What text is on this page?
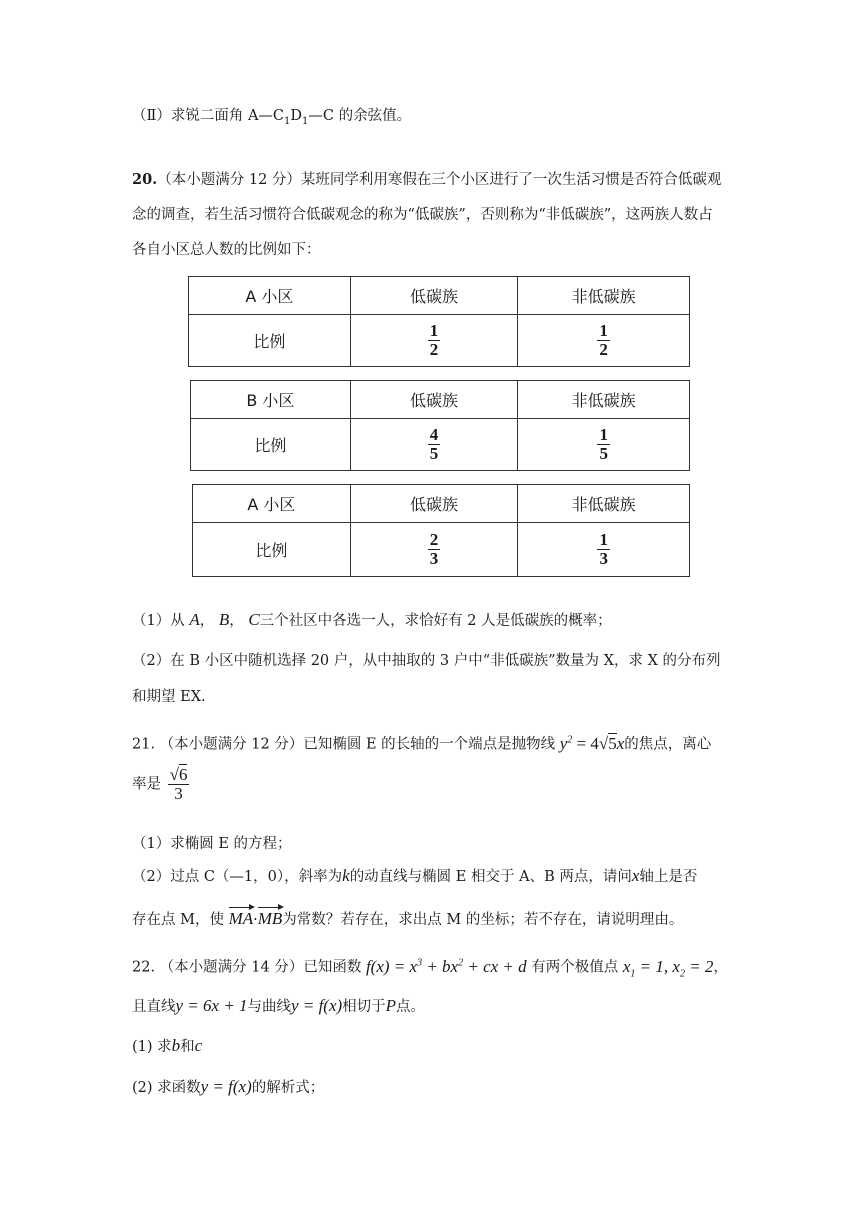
（Ⅱ）求锐二面角 $A—C_1D_1—C$ 的余弦值。
20.（本小题满分 12 分）某班同学利用寒假在三个小区进行了一次生活习惯是否符合低碳观
念的调查，若生活习惯符合低碳观念的称为“低碳族”，否则称为“非低碳族”，这两族人数占
各自小区总人数的比例如下：
A 小区	低碳族	非低碳族
比例	$\frac{1}{2}$	$\frac{1}{2}$
B 小区	低碳族	非低碳族
比例	$\frac{4}{5}$	$\frac{1}{5}$
A 小区	低碳族	非低碳族
比例	$\frac{2}{3}$	$\frac{1}{3}$
（1）从 A， B， C三个社区中各选一人，求恰好有 2 人是低碳族的概率；
（2）在 B 小区中随机选择 20 户，从中抽取的 3 户中“非低碳族”数量为 X，求 X 的分布列
和期望 EX.
21. （本小题满分 12 分）已知椭圆 E 的长轴的一个端点是抛物线 $y^2 = 4√5x$的焦点，离心
率是 $\frac{√6}{3}$
（1）求椭圆 E 的方程；
（2）过点 C（—1，0），斜率为k的动直线与椭圆 E 相交于 A、B 两点，请问x轴上是否
存在点 M，使 MA·MB为常数？若存在，求出点 M 的坐标；若不存在，请说明理由。
22. （本小题满分 14 分）已知函数 $f(x) = x^3 + bx^2$ + cx + d 有两个极值点 $x_1 = 1$, $x_2 = 2$，
且直线y = 6x + 1与曲线y = f(x)相切于P点。
(1) 求b和c
(2) 求函数y = f(x)的解析式；
